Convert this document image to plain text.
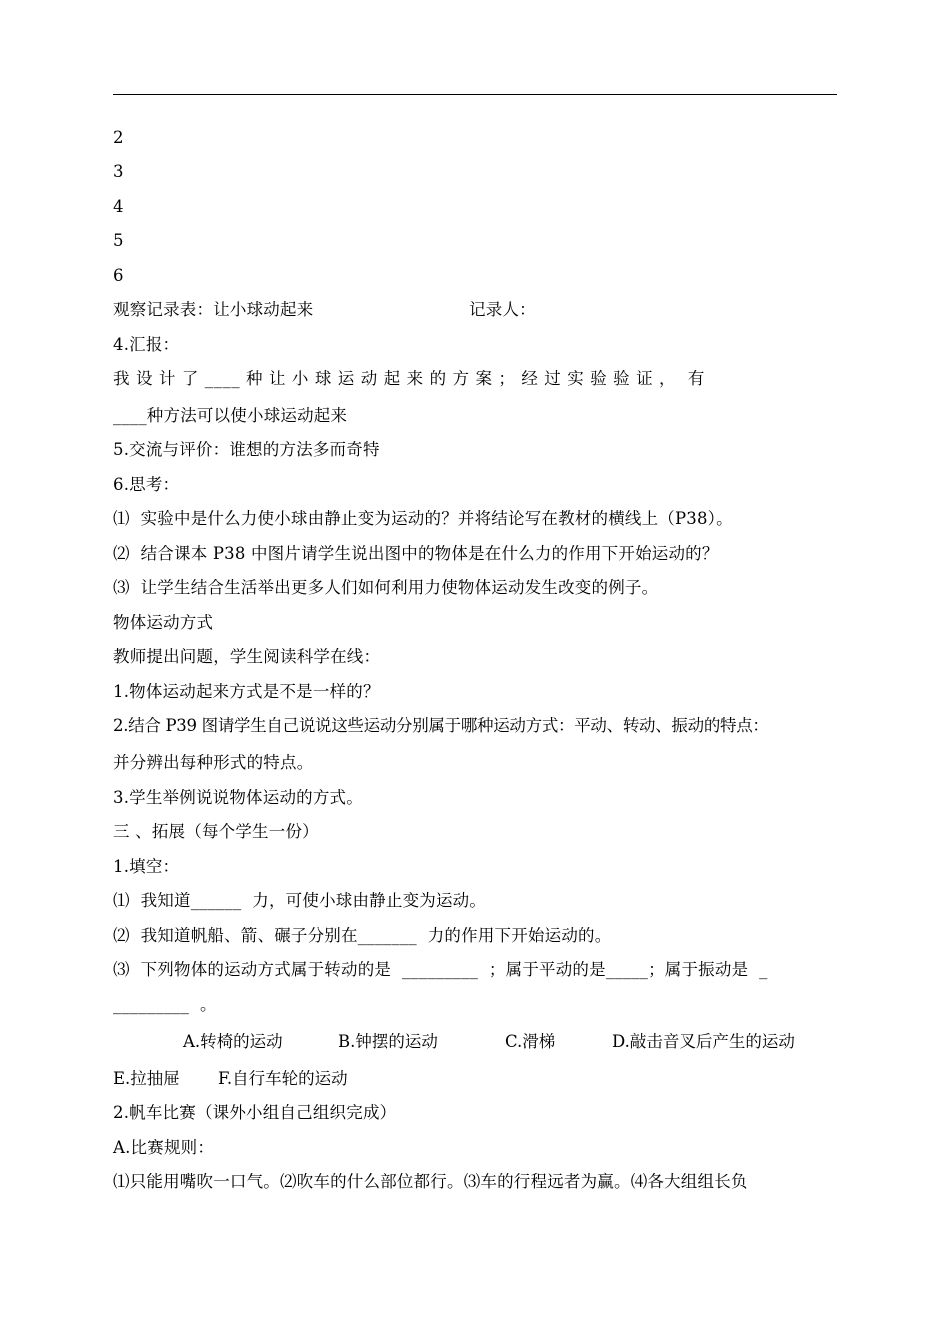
2
3
4
5
6
观察记录表：让小球动起来	记录人：
4.汇报：
我 设 计 了 ____ 种 让 小 球 运 动 起 来 的 方 案 ； 经 过 实 验 验 证 ，  有
____种方法可以使小球运动起来
5.交流与评价：谁想的方法多而奇特
6.思考：
⑴  实验中是什么力使小球由静止变为运动的？并将结论写在教材的横线上（P38）。
⑵  结合课本 P38 中图片请学生说出图中的物体是在什么力的作用下开始运动的？
⑶  让学生结合生活举出更多人们如何利用力使物体运动发生改变的例子。
物体运动方式
教师提出问题，学生阅读科学在线：
1.物体运动起来方式是不是一样的？
2.结合 P39 图请学生自己说说这些运动分别属于哪种运动方式：平动、转动、振动的特点：
并分辨出每种形式的特点。
3.学生举例说说物体运动的方式。
三 、拓展（每个学生一份）
1.填空：
⑴  我知道______  力，可使小球由静止变为运动。
⑵  我知道帆船、箭、碾子分别在_______  力的作用下开始运动的。
⑶  下列物体的运动方式属于转动的是  _________  ；属于平动的是_____；属于振动是  _
_________  。
A.转椅的运动	B.钟摆的运动	C.滑梯	D.敲击音叉后产生的运动
E.拉抽屉 F.自行车轮的运动
2.帆车比赛（课外小组自己组织完成）
A.比赛规则：
⑴只能用嘴吹一口气。⑵吹车的什么部位都行。⑶车的行程远者为赢。⑷各大组组长负
